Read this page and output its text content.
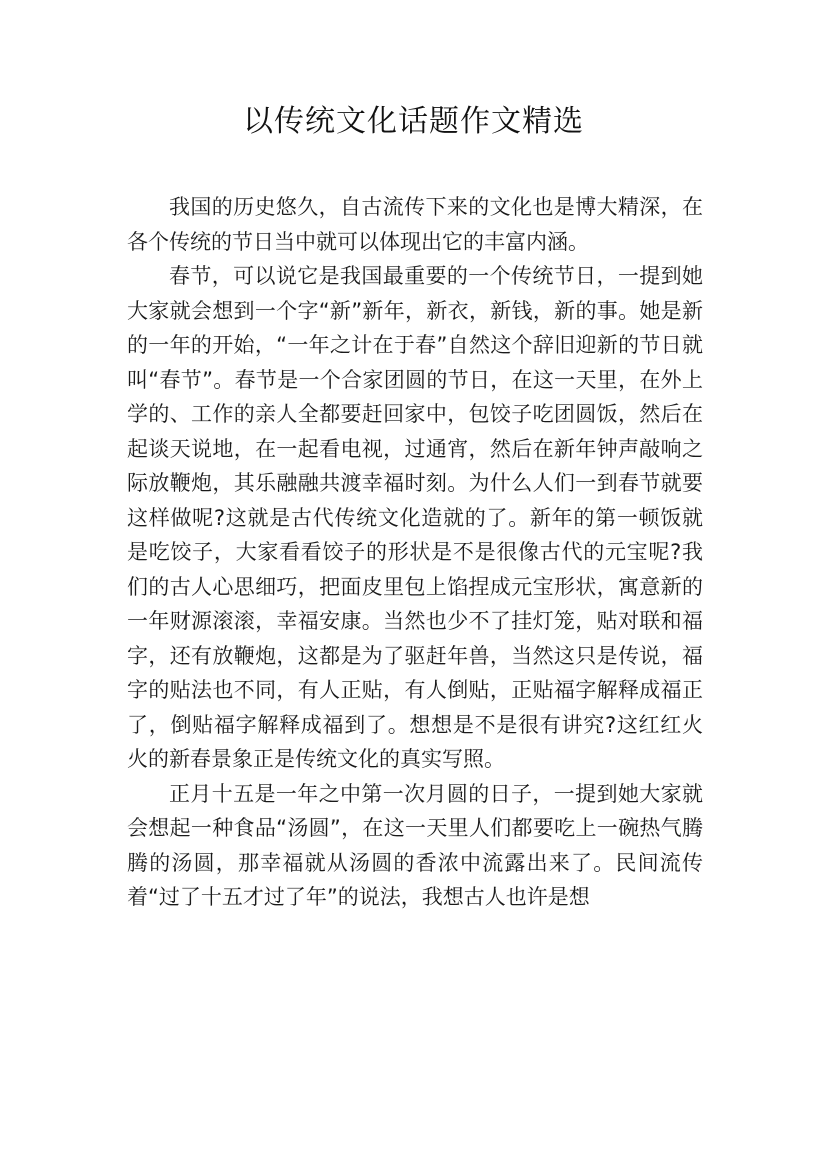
以传统文化话题作文精选

我国的历史悠久，自古流传下来的文化也是博大精深，在各个传统的节日当中就可以体现出它的丰富内涵。

春节，可以说它是我国最重要的一个传统节日，一提到她大家就会想到一个字“新”新年，新衣，新钱，新的事。她是新的一年的开始，“一年之计在于春”自然这个辞旧迎新的节日就叫“春节”。春节是一个合家团圆的节日，在这一天里，在外上学的、工作的亲人全都要赶回家中，包饺子吃团圆饭，然后在起谈天说地，在一起看电视，过通宵，然后在新年钟声敲响之际放鞭炮，其乐融融共渡幸福时刻。为什么人们一到春节就要这样做呢?这就是古代传统文化造就的了。新年的第一顿饭就是吃饺子，大家看看饺子的形状是不是很像古代的元宝呢?我们的古人心思细巧，把面皮里包上馅捏成元宝形状，寓意新的一年财源滚滚，幸福安康。当然也少不了挂灯笼，贴对联和福字，还有放鞭炮，这都是为了驱赶年兽，当然这只是传说，福字的贴法也不同，有人正贴，有人倒贴，正贴福字解释成福正了，倒贴福字解释成福到了。想想是不是很有讲究?这红红火火的新春景象正是传统文化的真实写照。

正月十五是一年之中第一次月圆的日子，一提到她大家就会想起一种食品“汤圆”，在这一天里人们都要吃上一碗热气腾腾的汤圆，那幸福就从汤圆的香浓中流露出来了。民间流传着“过了十五才过了年”的说法，我想古人也许是想
